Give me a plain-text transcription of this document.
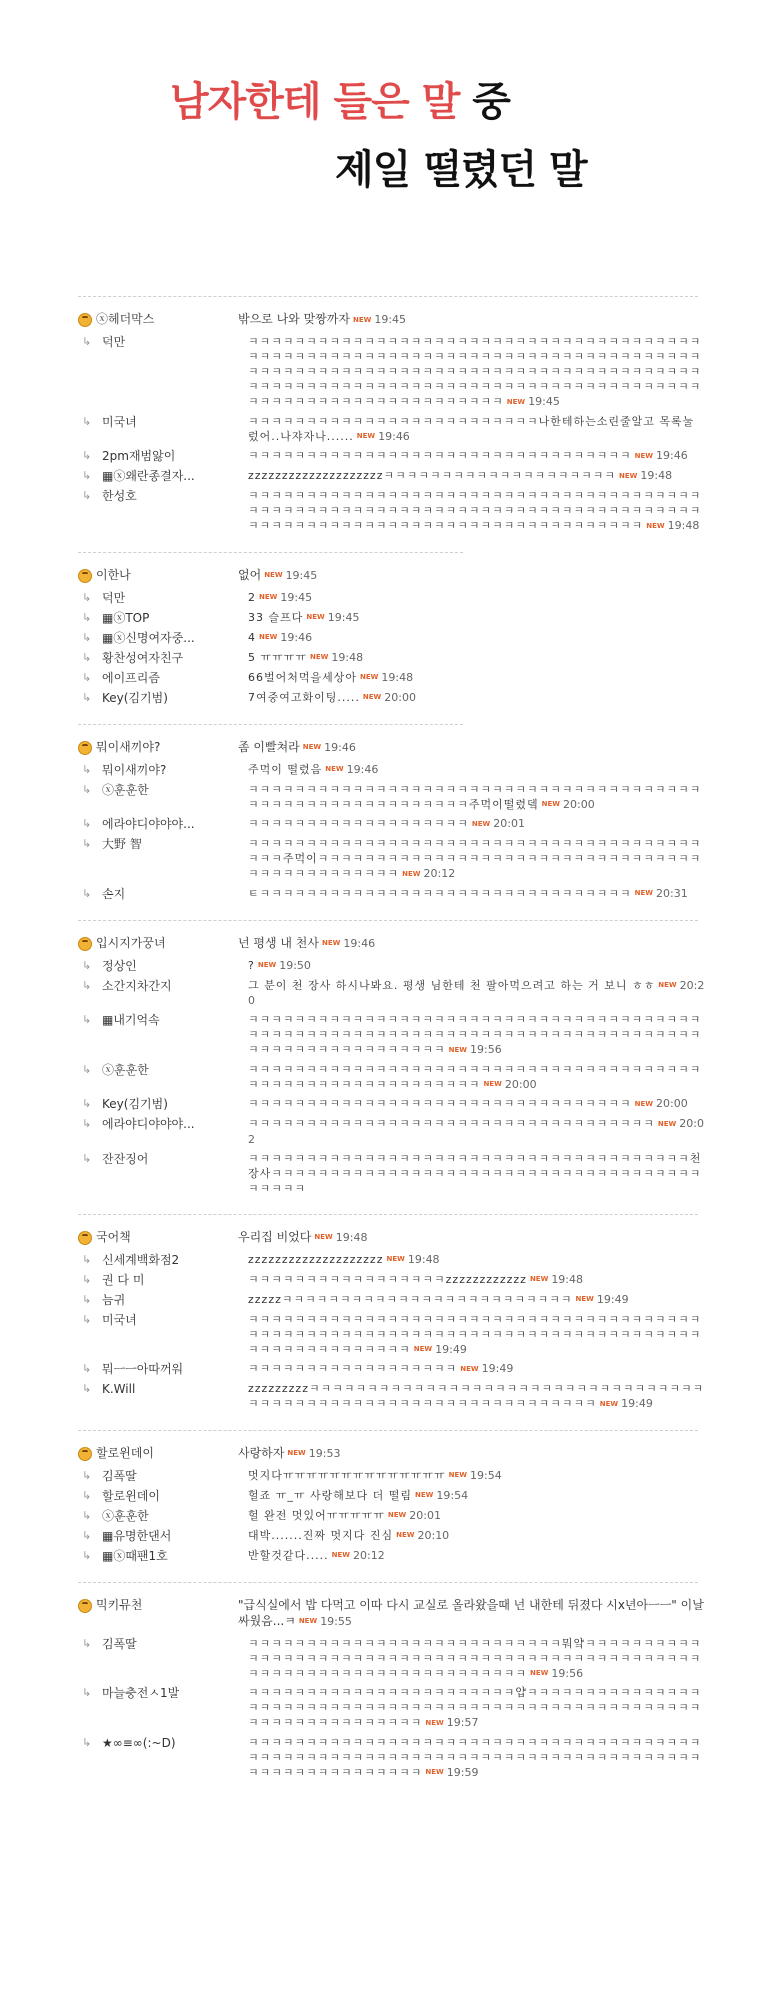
남자한테 들은 말 중
제일 떨렸던 말
ⓧ헤더막스	밖으로 나와 맞짱까자 NEW 19:45
↳ 덕만	ㅋㅋㅋㅋㅋㅋㅋㅋㅋㅋㅋㅋㅋㅋㅋㅋㅋㅋㅋㅋㅋㅋㅋㅋㅋㅋㅋㅋㅋㅋㅋㅋㅋㅋㅋㅋㅋㅋㅋㅋㅋㅋㅋㅋㅋㅋㅋㅋㅋㅋㅋㅋㅋㅋㅋㅋㅋㅋㅋㅋㅋㅋㅋㅋㅋㅋㅋㅋㅋㅋㅋㅋㅋㅋㅋㅋㅋㅋㅋㅋㅋㅋㅋㅋㅋㅋㅋㅋㅋㅋㅋㅋㅋㅋㅋㅋㅋㅋㅋㅋㅋㅋㅋㅋㅋㅋㅋㅋㅋㅋㅋㅋㅋㅋㅋㅋㅋㅋㅋㅋㅋㅋㅋㅋㅋㅋㅋㅋㅋㅋㅋㅋㅋㅋㅋㅋㅋㅋㅋㅋㅋㅋㅋㅋㅋㅋㅋㅋㅋㅋㅋㅋㅋㅋㅋㅋㅋㅋㅋㅋㅋㅋㅋㅋㅋㅋㅋㅋㅋㅋㅋㅋㅋㅋㅋㅋㅋㅋ NEW 19:45
↳ 미국녀	ㅋㅋㅋㅋㅋㅋㅋㅋㅋㅋㅋㅋㅋㅋㅋㅋㅋㅋㅋㅋㅋㅋㅋㅋㅋ나한테하는소린줄알고 목록눌렀어..나쟈자나...... NEW 19:46
↳ 2pm재범앓이	ㅋㅋㅋㅋㅋㅋㅋㅋㅋㅋㅋㅋㅋㅋㅋㅋㅋㅋㅋㅋㅋㅋㅋㅋㅋㅋㅋㅋㅋㅋㅋㅋㅋ NEW 19:46
↳ ▦ⓧ왜란종결자...	zzzzzzzzzzzzzzzzzzzzㅋㅋㅋㅋㅋㅋㅋㅋㅋㅋㅋㅋㅋㅋㅋㅋㅋㅋㅋㅋ NEW 19:48
↳ 한성호	ㅋㅋㅋㅋㅋㅋㅋㅋㅋㅋㅋㅋㅋㅋㅋㅋㅋㅋㅋㅋㅋㅋㅋㅋㅋㅋㅋㅋㅋㅋㅋㅋㅋㅋㅋㅋㅋㅋㅋㅋㅋㅋㅋㅋㅋㅋㅋㅋㅋㅋㅋㅋㅋㅋㅋㅋㅋㅋㅋㅋㅋㅋㅋㅋㅋㅋㅋㅋㅋㅋㅋㅋㅋㅋㅋㅋㅋㅋㅋㅋㅋㅋㅋㅋㅋㅋㅋㅋㅋㅋㅋㅋㅋㅋㅋㅋㅋㅋㅋㅋㅋㅋㅋㅋㅋㅋㅋㅋㅋㅋㅋㅋ NEW 19:48
이한나	없어 NEW 19:45
↳ 덕만	2 NEW 19:45
↳ ▦ⓧTOP	33 슬프다 NEW 19:45
↳ ▦ⓧ신명여자중...	4 NEW 19:46
↳ 황찬성여자친구	5 ㅠㅠㅠㅠ NEW 19:48
↳ 에이프리즘	66벌어처먹을세상아 NEW 19:48
↳ Key(김기범)	7여중여고화이팅..... NEW 20:00
뭐이새끼야?	좀 이빨쳐라 NEW 19:46
↳ 뭐이새끼야?	주먹이 떨렸음 NEW 19:46
↳ ⓧ훈훈한	ㅋㅋㅋㅋㅋㅋㅋㅋㅋㅋㅋㅋㅋㅋㅋㅋㅋㅋㅋㅋㅋㅋㅋㅋㅋㅋㅋㅋㅋㅋㅋㅋㅋㅋㅋㅋㅋㅋㅋㅋㅋㅋㅋㅋㅋㅋㅋㅋㅋㅋㅋㅋㅋㅋㅋㅋㅋㅋ주먹이떨렸뎈 NEW 20:00
↳ 에라야디야야야...	ㅋㅋㅋㅋㅋㅋㅋㅋㅋㅋㅋㅋㅋㅋㅋㅋㅋㅋㅋ NEW 20:01
↳ 大野 智	ㅋㅋㅋㅋㅋㅋㅋㅋㅋㅋㅋㅋㅋㅋㅋㅋㅋㅋㅋㅋㅋㅋㅋㅋㅋㅋㅋㅋㅋㅋㅋㅋㅋㅋㅋㅋㅋㅋㅋㅋㅋㅋ주먹이ㅋㅋㅋㅋㅋㅋㅋㅋㅋㅋㅋㅋㅋㅋㅋㅋㅋㅋㅋㅋㅋㅋㅋㅋㅋㅋㅋㅋㅋㅋㅋㅋㅋㅋㅋㅋㅋㅋㅋㅋㅋㅋㅋㅋㅋㅋ NEW 20:12
↳ 손지	ㅌㅋㅋㅋㅋㅋㅋㅋㅋㅋㅋㅋㅋㅋㅋㅋㅋㅋㅋㅋㅋㅋㅋㅋㅋㅋㅋㅋㅋㅋㅋㅋㅋ NEW 20:31
입시지가꿍녀	넌 평생 내 천사 NEW 19:46
↳ 정상인	? NEW 19:50
↳ 소간지차간지	그 분이 천 장사 하시나봐요. 평생 님한테 천 팔아먹으려고 하는 거 보니 ㅎㅎ NEW 20:20
↳ ▦내기억속	ㅋㅋㅋㅋㅋㅋㅋㅋㅋㅋㅋㅋㅋㅋㅋㅋㅋㅋㅋㅋㅋㅋㅋㅋㅋㅋㅋㅋㅋㅋㅋㅋㅋㅋㅋㅋㅋㅋㅋㅋㅋㅋㅋㅋㅋㅋㅋㅋㅋㅋㅋㅋㅋㅋㅋㅋㅋㅋㅋㅋㅋㅋㅋㅋㅋㅋㅋㅋㅋㅋㅋㅋㅋㅋㅋㅋㅋㅋㅋㅋㅋㅋㅋㅋㅋㅋㅋㅋㅋㅋㅋㅋㅋㅋㅋ NEW 19:56
↳ ⓧ훈훈한	ㅋㅋㅋㅋㅋㅋㅋㅋㅋㅋㅋㅋㅋㅋㅋㅋㅋㅋㅋㅋㅋㅋㅋㅋㅋㅋㅋㅋㅋㅋㅋㅋㅋㅋㅋㅋㅋㅋㅋㅋㅋㅋㅋㅋㅋㅋㅋㅋㅋㅋㅋㅋㅋㅋㅋㅋㅋㅋㅋ NEW 20:00
↳ Key(김기범)	ㅋㅋㅋㅋㅋㅋㅋㅋㅋㅋㅋㅋㅋㅋㅋㅋㅋㅋㅋㅋㅋㅋㅋㅋㅋㅋㅋㅋㅋㅋㅋㅋㅋ NEW 20:00
↳ 에라야디야야야...	ㅋㅋㅋㅋㅋㅋㅋㅋㅋㅋㅋㅋㅋㅋㅋㅋㅋㅋㅋㅋㅋㅋㅋㅋㅋㅋㅋㅋㅋㅋㅋㅋㅋㅋㅋ NEW 20:02
↳ 잔잔징어	ㅋㅋㅋㅋㅋㅋㅋㅋㅋㅋㅋㅋㅋㅋㅋㅋㅋㅋㅋㅋㅋㅋㅋㅋㅋㅋㅋㅋㅋㅋㅋㅋㅋㅋㅋㅋㅋㅋ천장사ㅋㅋㅋㅋㅋㅋㅋㅋㅋㅋㅋㅋㅋㅋㅋㅋㅋㅋㅋㅋㅋㅋㅋㅋㅋㅋㅋㅋㅋㅋㅋㅋㅋㅋㅋㅋㅋㅋㅋㅋㅋㅋ
국어책	우리집 비었다 NEW 19:48
↳ 신세계백화점2	zzzzzzzzzzzzzzzzzzzz NEW 19:48
↳ 권 다 미	ㅋㅋㅋㅋㅋㅋㅋㅋㅋㅋㅋㅋㅋㅋㅋㅋㅋzzzzzzzzzzzz NEW 19:48
↳ 늠귀	zzzzzㅋㅋㅋㅋㅋㅋㅋㅋㅋㅋㅋㅋㅋㅋㅋㅋㅋㅋㅋㅋㅋㅋㅋㅋㅋ NEW 19:49
↳ 미국녀	ㅋㅋㅋㅋㅋㅋㅋㅋㅋㅋㅋㅋㅋㅋㅋㅋㅋㅋㅋㅋㅋㅋㅋㅋㅋㅋㅋㅋㅋㅋㅋㅋㅋㅋㅋㅋㅋㅋㅋㅋㅋㅋㅋㅋㅋㅋㅋㅋㅋㅋㅋㅋㅋㅋㅋㅋㅋㅋㅋㅋㅋㅋㅋㅋㅋㅋㅋㅋㅋㅋㅋㅋㅋㅋㅋㅋㅋㅋㅋㅋㅋㅋㅋㅋㅋㅋㅋㅋㅋㅋㅋㅋ NEW 19:49
↳ 뭐ㅡㅡ아따꺼워	ㅋㅋㅋㅋㅋㅋㅋㅋㅋㅋㅋㅋㅋㅋㅋㅋㅋㅋ NEW 19:49
↳ K.Will	zzzzzzzzzㅋㅋㅋㅋㅋㅋㅋㅋㅋㅋㅋㅋㅋㅋㅋㅋㅋㅋㅋㅋㅋㅋㅋㅋㅋㅋㅋㅋㅋㅋㅋㅋㅋㅋㅋㅋㅋㅋㅋㅋㅋㅋㅋㅋㅋㅋㅋㅋㅋㅋㅋㅋㅋㅋㅋㅋㅋㅋㅋㅋㅋㅋㅋㅋ NEW 19:49
할로윈데이	사랑하자 NEW 19:53
↳ 김폭딸	멋지다ㅠㅠㅠㅠㅠㅠㅠㅠㅠㅠㅠㅠㅠㅠ NEW 19:54
↳ 할로윈데이	헐죠 ㅠ_ㅠ 사랑해보다 더 떨림 NEW 19:54
↳ ⓧ훈훈한	헐 완전 멋있어ㅠㅠㅠㅠㅠ NEW 20:01
↳ ▦유명한댄서	대박.......진짜 멋지다 진심 NEW 20:10
↳ ▦ⓧ때팬1호	반할것같다..... NEW 20:12
믹키뮤천	"급식실에서 밥 다먹고 이따 다시 교실로 올라왔을때 넌 내한테 뒤졌다 시x년아ㅡㅡ" 이날 싸웠음...ㅋ NEW 19:55
↳ 김폭딸	ㅋㅋㅋㅋㅋㅋㅋㅋㅋㅋㅋㅋㅋㅋㅋㅋㅋㅋㅋㅋㅋㅋㅋㅋㅋㅋㅋ뭐얔ㅋㅋㅋㅋㅋㅋㅋㅋㅋㅋㅋㅋㅋㅋㅋㅋㅋㅋㅋㅋㅋㅋㅋㅋㅋㅋㅋㅋㅋㅋㅋㅋㅋㅋㅋㅋㅋㅋㅋㅋㅋㅋㅋㅋㅋㅋㅋㅋㅋㅋㅋㅋㅋㅋㅋㅋㅋㅋㅋㅋㅋㅋㅋㅋㅋㅋㅋㅋㅋㅋㅋㅋㅋ NEW 19:56
↳ 마늘충전ㅅ1발	ㅋㅋㅋㅋㅋㅋㅋㅋㅋㅋㅋㅋㅋㅋㅋㅋㅋㅋㅋㅋㅋㅋㅋ얍ㅋㅋㅋㅋㅋㅋㅋㅋㅋㅋㅋㅋㅋㅋㅋㅋㅋㅋㅋㅋㅋㅋㅋㅋㅋㅋㅋㅋㅋㅋㅋㅋㅋㅋㅋㅋㅋㅋㅋㅋㅋㅋㅋㅋㅋㅋㅋㅋㅋㅋㅋㅋㅋㅋㅋㅋㅋㅋㅋㅋㅋㅋㅋㅋㅋㅋㅋㅋㅋ NEW 19:57
↳ ★∞≡∞(:~D)	ㅋㅋㅋㅋㅋㅋㅋㅋㅋㅋㅋㅋㅋㅋㅋㅋㅋㅋㅋㅋㅋㅋㅋㅋㅋㅋㅋㅋㅋㅋㅋㅋㅋㅋㅋㅋㅋㅋㅋㅋㅋㅋㅋㅋㅋㅋㅋㅋㅋㅋㅋㅋㅋㅋㅋㅋㅋㅋㅋㅋㅋㅋㅋㅋㅋㅋㅋㅋㅋㅋㅋㅋㅋㅋㅋㅋㅋㅋㅋㅋㅋㅋㅋㅋㅋㅋㅋㅋㅋㅋㅋㅋㅋ NEW 19:59
